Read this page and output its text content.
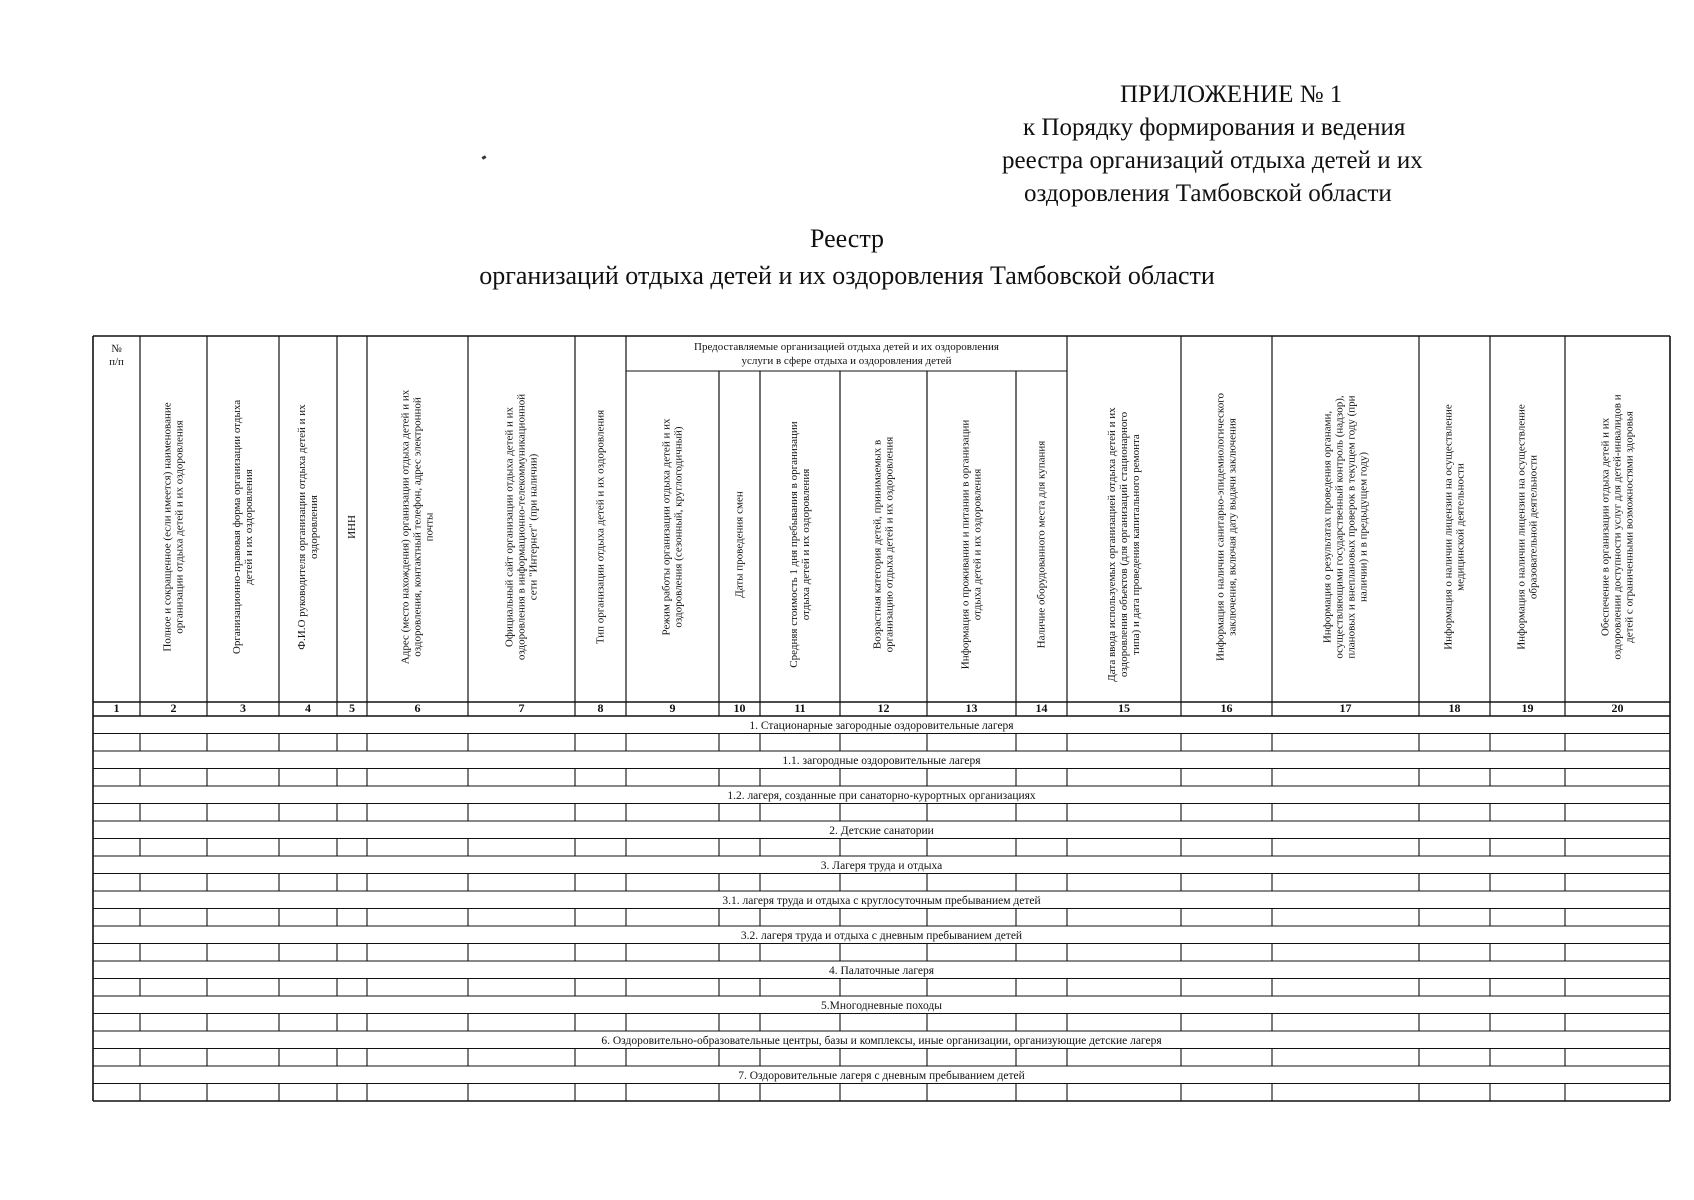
ПРИЛОЖЕНИЕ № 1
к Порядку формирования и ведения
реестра организаций отдыха детей и их
оздоровления Тамбовской области
Реестр
организаций отдыха детей и их оздоровления Тамбовской области
Предоставляемые организацией отдыха детей и их оздоровления
услуги в сфере отдыха и оздоровления детей
№
п/п
1
Полное и сокращенное (если имеется) наименование организации отдыха детей и их оздоровления
2
Организационно-правовая форма организации отдыха детей и их оздоровления
3
Ф.И.О руководителя организации отдыха детей и их оздоровления
4
ИНН
5
Адрес (место нахождения) организации отдыха детей и их оздоровления, контактный телефон, адрес электронной почты
6
Официальный сайт организации отдыха детей и их оздоровления в информационно-телекоммуникационной сети "Интернет" (при наличии)
7
Тип организации отдыха детей и их оздоровления
8
Режим работы организации отдыха детей и их оздоровления (сезонный, круглогодичный)
9
Даты проведения смен
10
Средняя стоимость 1 дня пребывания в организации отдыха детей и их оздоровления
11
Возрастная категория детей, принимаемых в организацию отдыха детей и их оздоровления
12
Информация о проживании и питании в организации отдыха детей и их оздоровления
13
Наличие оборудованного места для купания
14
Дата ввода используемых организацией отдыха детей и их оздоровления объектов (для организаций стационарного типа) и дата проведения капитального ремонта
15
Информация о наличии санитарно-эпидемиологического заключения, включая дату выдачи заключения
16
Информация о результатах проведения органами, осуществляющими государственный контроль (надзор), плановых и внеплановых проверок в текущем году (при наличии) и в предыдущем году)
17
Информация о наличии лицензии на осуществление медицинской деятельности
18
Информация о наличии лицензии на осуществление образовательной деятельности
19
Обеспечение в организации отдыха детей и их оздоровлении доступности услуг для детей-инвалидов и детей с ограниченными возможностями здоровья
20
1. Стационарные загородные оздоровительные лагеря
1.1. загородные оздоровительные лагеря
1.2. лагеря, созданные при санаторно-курортных организациях
2. Детские санатории
3. Лагеря труда и отдыха
3.1. лагеря труда и отдыха с круглосуточным пребыванием детей
3.2. лагеря труда и отдыха с дневным пребыванием детей
4. Палаточные лагеря
5.Многодневные походы
6. Оздоровительно-образовательные центры, базы и комплексы, иные организации, организующие детские лагеря
7. Оздоровительные лагеря с дневным пребыванием детей
